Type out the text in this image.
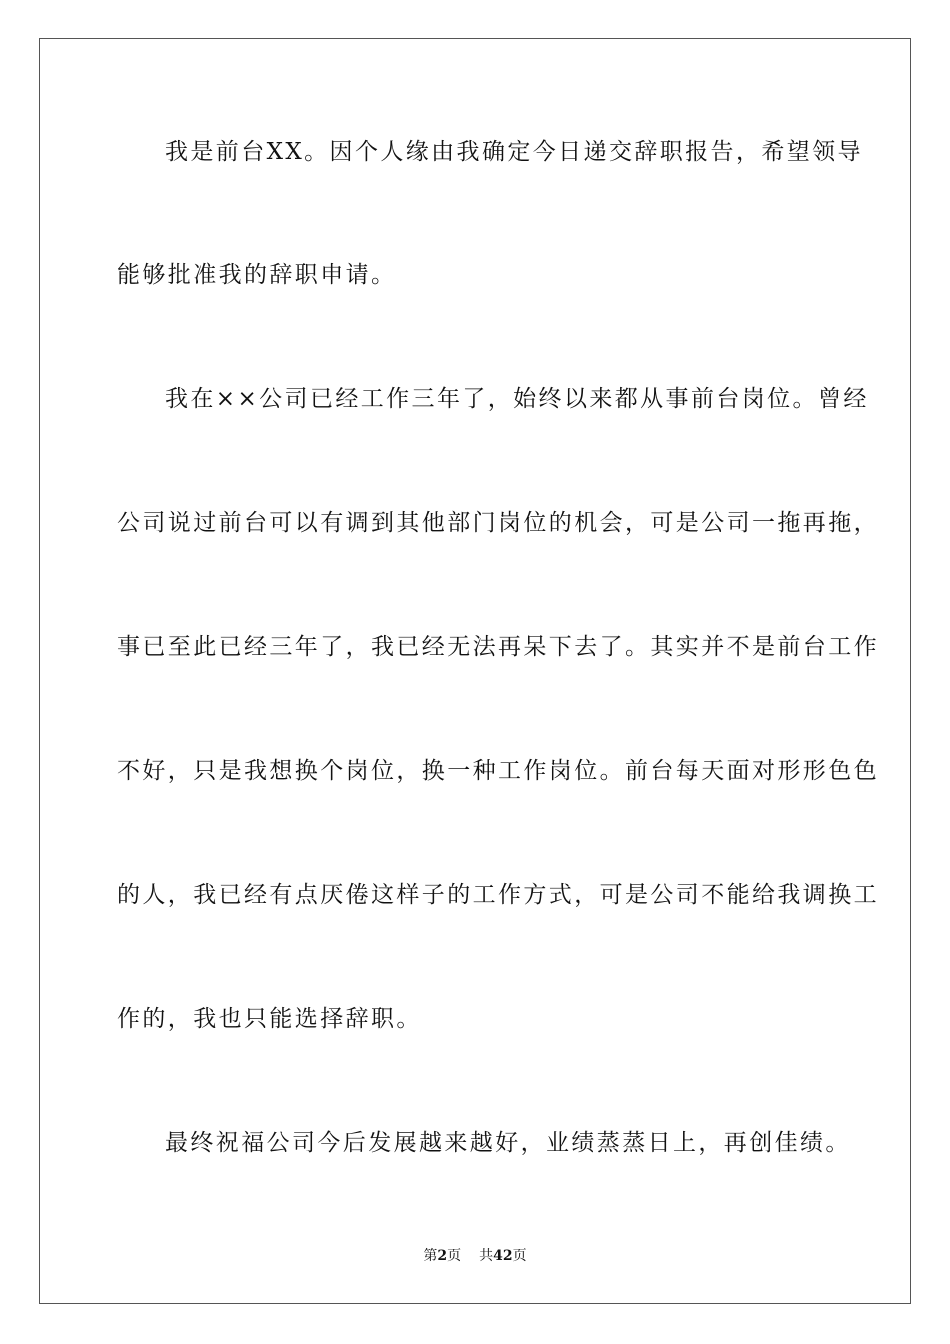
我是前台XX。因个人缘由我确定今日递交辞职报告，希望领导
能够批准我的辞职申请。
我在××公司已经工作三年了，始终以来都从事前台岗位。曾经
公司说过前台可以有调到其他部门岗位的机会，可是公司一拖再拖，
事已至此已经三年了，我已经无法再呆下去了。其实并不是前台工作
不好，只是我想换个岗位，换一种工作岗位。前台每天面对形形色色
的人，我已经有点厌倦这样子的工作方式，可是公司不能给我调换工
作的，我也只能选择辞职。
最终祝福公司今后发展越来越好，业绩蒸蒸日上，再创佳绩。
第2页 共42页
